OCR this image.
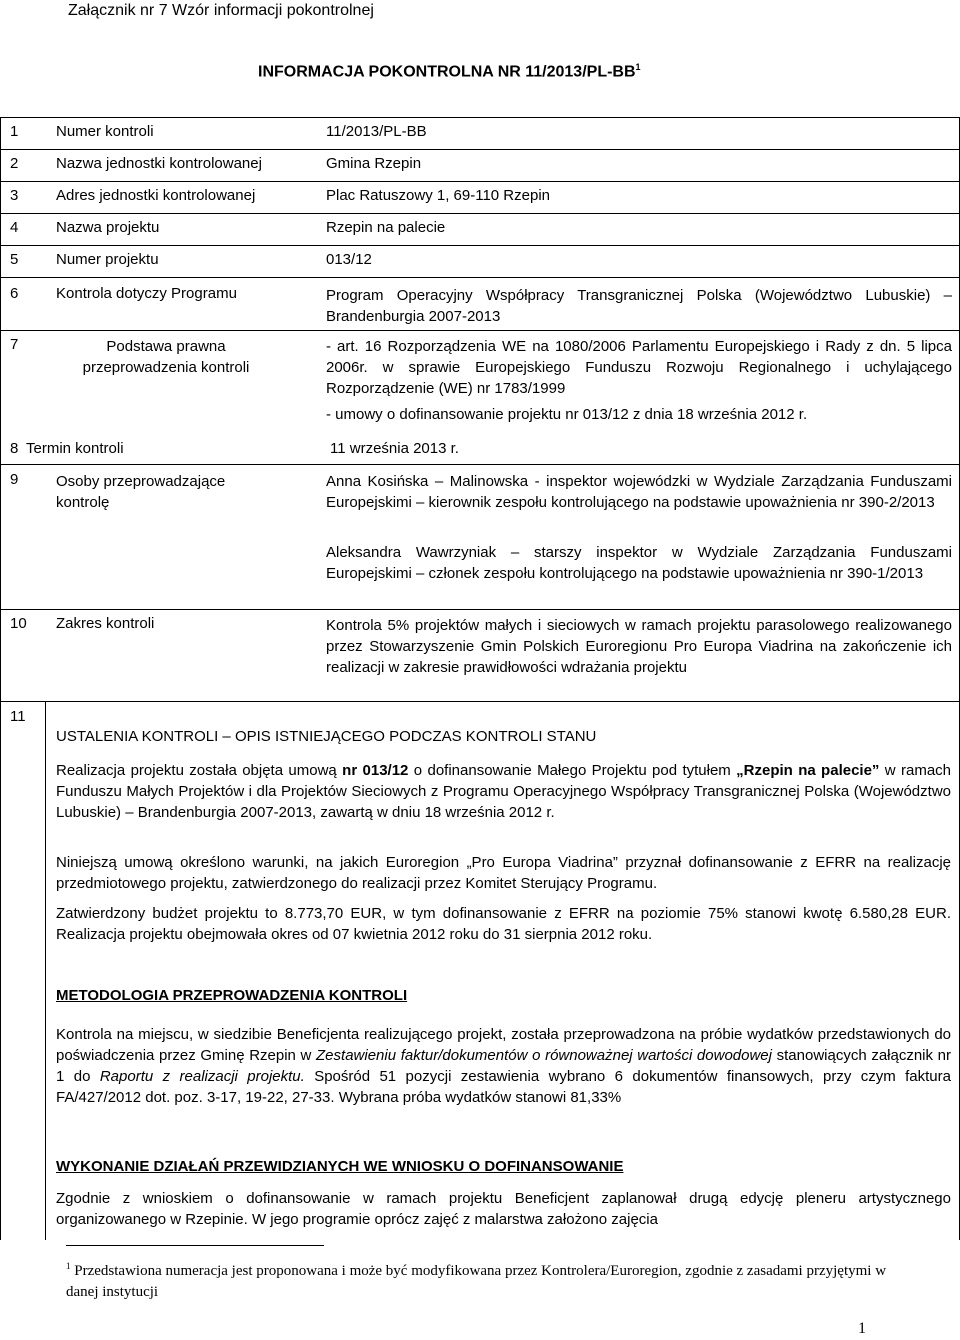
Załącznik nr 7 Wzór informacji pokontrolnej
INFORMACJA POKONTROLNA NR $11/2013/PL-BB^1$
1	Numer kontroli	11/2013/PL-BB
2	Nazwa jednostki kontrolowanej	Gmina Rzepin
3	Adres jednostki kontrolowanej	Plac Ratuszowy 1, 69-110 Rzepin
4	Nazwa projektu	Rzepin na palecie
5	Numer projektu	013/12
6	Kontrola dotyczy Programu	Program Operacyjny Współpracy Transgranicznej Polska (Województwo Lubuskie) – Brandenburgia 2007-2013
7	Podstawa prawna przeprowadzenia kontroli
- art. 16 Rozporządzenia WE na 1080/2006 Parlamentu Europejskiego i Rady z dn. 5 lipca 2006r. w sprawie Europejskiego Funduszu Rozwoju Regionalnego i uchylającego Rozporządzenie (WE) nr 1783/1999
- umowy o dofinansowanie projektu nr 013/12 z dnia 18 września 2012 r.
8 Termin kontroli	11 września 2013 r.
9	Osoby przeprowadzające kontrolę
Anna Kosińska – Malinowska - inspektor wojewódzki w Wydziale Zarządzania Funduszami Europejskimi – kierownik zespołu kontrolującego na podstawie upoważnienia nr 390-2/2013
Aleksandra Wawrzyniak – starszy inspektor w Wydziale Zarządzania Funduszami Europejskimi – członek zespołu kontrolującego na podstawie upoważnienia nr 390-1/2013
10 Zakres kontroli	Kontrola 5% projektów małych i sieciowych w ramach projektu parasolowego realizowanego przez Stowarzyszenie Gmin Polskich Euroregionu Pro Europa Viadrina na zakończenie ich realizacji w zakresie prawidłowości wdrażania projektu
11
USTALENIA KONTROLI – OPIS ISTNIEJĄCEGO PODCZAS KONTROLI STANU
Realizacja projektu została objęta umową nr 013/12 o dofinansowanie Małego Projektu pod tytułem „Rzepin na palecie” w ramach Funduszu Małych Projektów i dla Projektów Sieciowych z Programu Operacyjnego Współpracy Transgranicznej Polska (Województwo Lubuskie) – Brandenburgia 2007-2013, zawartą w dniu 18 września 2012 r.
Niniejszą umową określono warunki, na jakich Euroregion „Pro Europa Viadrina” przyznał dofinansowanie z EFRR na realizację przedmiotowego projektu, zatwierdzonego do realizacji przez Komitet Sterujący Programu.
Zatwierdzony budżet projektu to 8.773,70 EUR, w tym dofinansowanie z EFRR na poziomie 75% stanowi kwotę 6.580,28 EUR. Realizacja projektu obejmowała okres od 07 kwietnia 2012 roku do 31 sierpnia 2012 roku.
METODOLOGIA PRZEPROWADZENIA KONTROLI
Kontrola na miejscu, w siedzibie Beneficjenta realizującego projekt, została przeprowadzona na próbie wydatków przedstawionych do poświadczenia przez Gminę Rzepin w Zestawieniu faktur/dokumentów o równoważnej wartości dowodowej stanowiących załącznik nr 1 do Raportu z realizacji projektu. Spośród 51 pozycji zestawienia wybrano 6 dokumentów finansowych, przy czym faktura FA/427/2012 dot. poz. 3-17, 19-22, 27-33. Wybrana próba wydatków stanowi 81,33%
WYKONANIE DZIAŁAŃ PRZEWIDZIANYCH WE WNIOSKU O DOFINANSOWANIE
Zgodnie z wnioskiem o dofinansowanie w ramach projektu Beneficjent zaplanował drugą edycję pleneru artystycznego organizowanego w Rzepinie. W jego programie oprócz zajęć z malarstwa założono zajęcia
$^1$ Przedstawiona numeracja jest proponowana i może być modyfikowana przez Kontrolera/Euroregion, zgodnie z zasadami przyjętymi w danej instytucji
1
